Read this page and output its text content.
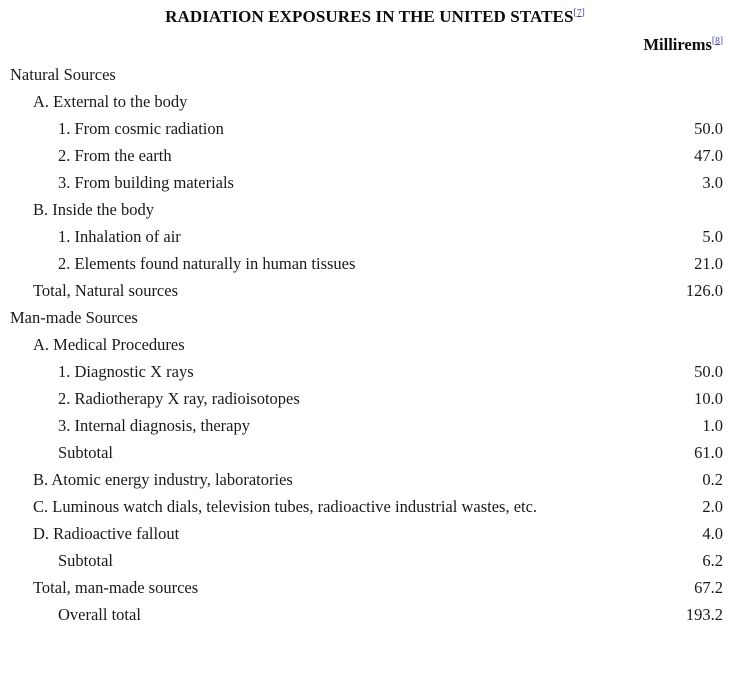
RADIATION EXPOSURES IN THE UNITED STATES [ $^7$ ]
Millirems [ $^8$ ]
Natural Sources
A. External to the body
1. From cosmic radiation	50.0
2. From the earth	47.0
3. From building materials	3.0
B. Inside the body
1. Inhalation of air	5.0
2. Elements found naturally in human tissues	21.0
Total, Natural sources	126.0
Man-made Sources
A. Medical Procedures
1. Diagnostic X rays	50.0
2. Radiotherapy X ray, radioisotopes	10.0
3. Internal diagnosis, therapy	1.0
Subtotal	61.0
B. Atomic energy industry, laboratories	0.2
C. Luminous watch dials, television tubes, radioactive industrial wastes, etc.	2.0
D. Radioactive fallout	4.0
Subtotal	6.2
Total, man-made sources	67.2
Overall total	193.2
